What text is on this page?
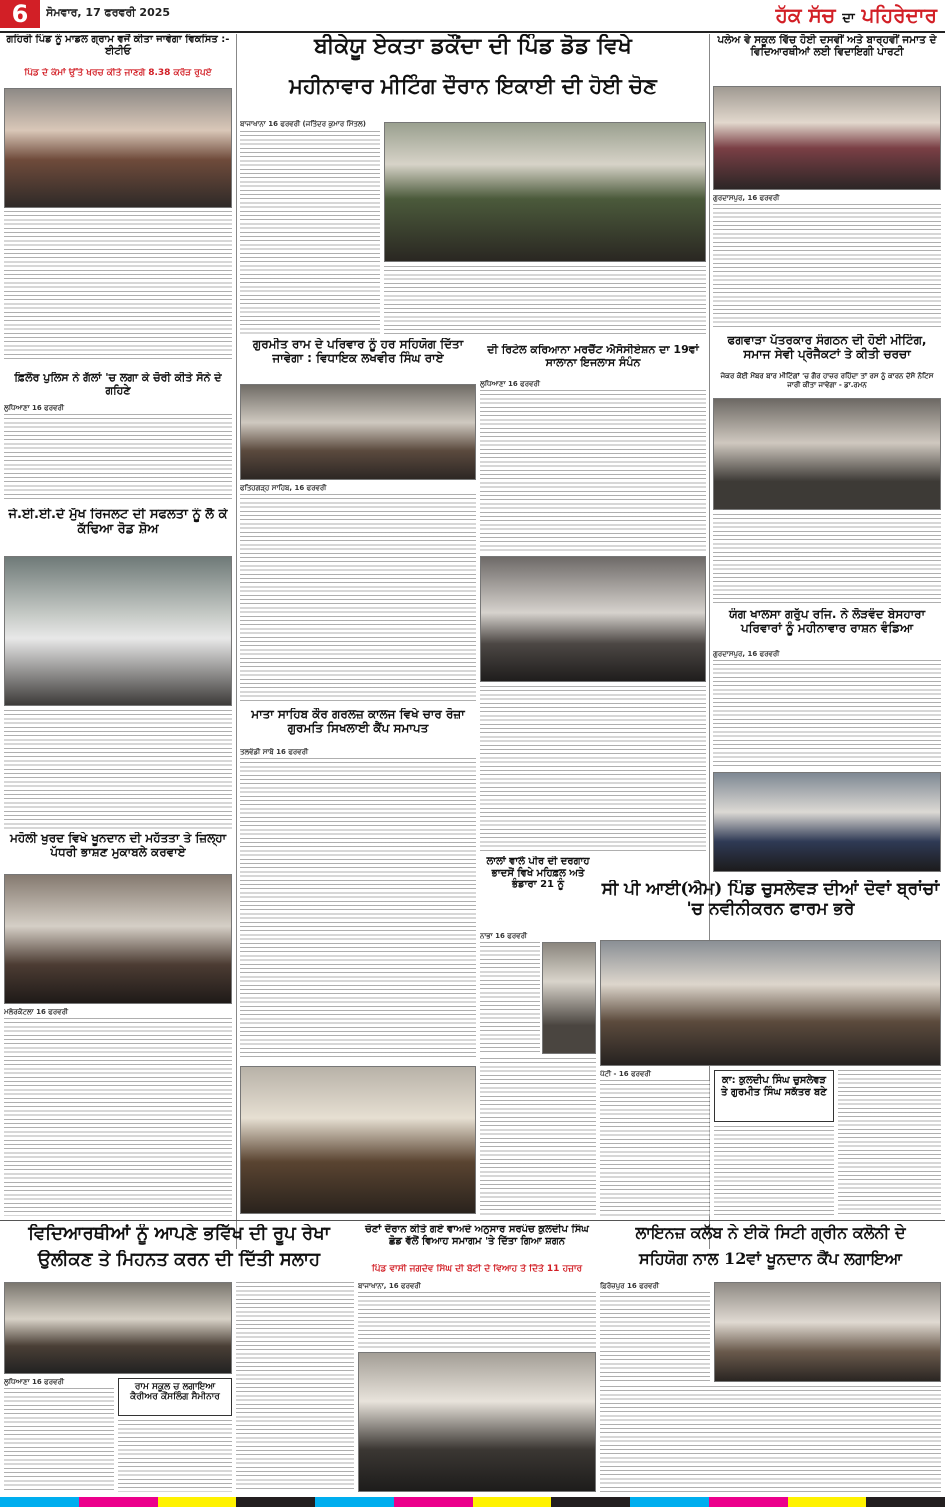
6	ਸੋਮਵਾਰ, 17 ਫਰਵਰੀ 2025	ਹੱਕ ਸੱਚ ਦਾ ਪਹਿਰੇਦਾਰ
ਗਹਿਰੀ ਪਿੰਡ ਨੂੰ ਮਾਡਲ ਗ੍ਰਾਮ ਵਜੋਂ ਕੀਤਾ ਜਾਵੇਗਾ ਵਿਕਸਿਤ :- ਈਟੀਓ
ਪਿੰਡ ਦੇ ਕੰਮਾਂ ਉੱਤੇ ਖਰਚ ਕੀਤੇ ਜਾਣਗੇ 8.38 ਕਰੋੜ ਰੁਪਏ
ਫ਼ਿਲੌਰ ਪੁਲਿਸ ਨੇ ਗੱਲਾਂ 'ਚ ਲਗਾ ਕੇ ਚੋਰੀ ਕੀਤੇ ਸੋਨੇ ਦੇ ਗਹਿਣੇ
ਲੁਧਿਆਣਾ 16 ਫਰਵਰੀ
ਜੇ.ਈ.ਈ.ਦੇ ਮੁੱਖ ਰਿਜਲਟ ਦੀ ਸਫਲਤਾ ਨੂੰ ਲੈ ਕੇ ਕੱਢਿਆ ਰੋਡ ਸ਼ੋਅ
ਮਹੋਲੀ ਖੁਰਦ ਵਿਖੇ ਖੂਨਦਾਨ ਦੀ ਮਹੱਤਤਾ ਤੇ ਜ਼ਿਲ੍ਹਾ ਪੱਧਰੀ ਭਾਸ਼ਣ ਮੁਕਾਬਲੇ ਕਰਵਾਏ
ਮਲੇਰਕੋਟਲਾ 16 ਫਰਵਰੀ
ਬੀਕੇਯੂ ਏਕਤਾ ਡਕੌਂਦਾ ਦੀ ਪਿੰਡ ਡੋਡ ਵਿਖੇ
ਮਹੀਨਾਵਾਰ ਮੀਟਿੰਗ ਦੌਰਾਨ ਇਕਾਈ ਦੀ ਹੋਈ ਚੋਣ
ਬਾਜਾਖਾਨਾ 16 ਫਰਵਰੀ (ਜਤਿੰਦਰ ਕੁਮਾਰ ਮਿੱਤਲ)
ਗੁਰਮੀਤ ਰਾਮ ਦੇ ਪਰਿਵਾਰ ਨੂੰ ਹਰ ਸਹਿਯੋਗ ਦਿੱਤਾ ਜਾਵੇਗਾ : ਵਿਧਾਇਕ ਲਖਵੀਰ ਸਿੰਘ ਰਾਏ
ਫਤਿਹਗੜ੍ਹ ਸਾਹਿਬ, 16 ਫਰਵਰੀ
ਦੀ ਰਿਟੇਲ ਕਰਿਆਨਾ ਮਰਚੈਂਟ ਐਸੋਸੀਏਸ਼ਨ ਦਾ 19ਵਾਂ ਸਾਲਾਨਾ ਇਜਲਾਸ ਸੰਪੰਨ
ਲੁਧਿਆਣਾ 16 ਫਰਵਰੀ
ਮਾਤਾ ਸਾਹਿਬ ਕੌਰ ਗਰਲਜ਼ ਕਾਲਜ ਵਿਖੇ ਚਾਰ ਰੋਜ਼ਾ ਗੁਰਮਤਿ ਸਿਖਲਾਈ ਕੈਂਪ ਸਮਾਪਤ
ਤਲਵੰਡੀ ਸਾਬੋ 16 ਫਰਵਰੀ
ਲਾਲਾਂ ਵਾਲੇ ਪੀਰ ਦੀ ਦਰਗਾਹ ਭਾਦਸੋਂ ਵਿਖੇ ਮਹਿਫ਼ਲ ਅਤੇ ਭੰਡਾਰਾ 21 ਨੂੰ
ਨਾਭਾ 16 ਫਰਵਰੀ
ਪਲੇਅ ਵੇ ਸਕੂਲ ਵਿੱਚ ਹੋਈ ਦਸਵੀਂ ਅਤੇ ਬਾਰ੍ਹਵੀਂ ਜਮਾਤ ਦੇ ਵਿਦਿਆਰਥੀਆਂ ਲਈ ਵਿਦਾਇਗੀ ਪਾਰਟੀ
ਗੁਰਦਾਸਪੁਰ, 16 ਫਰਵਰੀ
ਫਗਵਾੜਾ ਪੱਤਰਕਾਰ ਸੰਗਠਨ ਦੀ ਹੋਈ ਮੀਟਿੰਗ, ਸਮਾਜ ਸੇਵੀ ਪ੍ਰੋਜੈਕਟਾਂ ਤੇ ਕੀਤੀ ਚਰਚਾ
ਜੇਕਰ ਕੋਈ ਮੈਂਬਰ ਬਾਰ ਮੀਟਿੰਗਾਂ 'ਚ ਗੈਰ ਹਾਜ਼ਰ ਰਹਿੰਦਾ ਤਾਂ ਰਸ ਨੂੰ ਕਾਰਨ ਦੱਸੋ ਨੋਟਿਸ ਜਾਰੀ ਕੀਤਾ ਜਾਵੇਗਾ - ਡਾ.ਰਮਨ
ਯੰਗ ਖਾਲਸਾ ਗਰੁੱਪ ਰਜਿ. ਨੇ ਲੋੜਵੰਦ ਬੇਸਹਾਰਾ ਪਰਿਵਾਰਾਂ ਨੂੰ ਮਹੀਨਾਵਾਰ ਰਾਸ਼ਨ ਵੰਡਿਆ
ਗੁਰਦਾਸਪੁਰ, 16 ਫਰਵਰੀ
ਸੀ ਪੀ ਆਈ(ਐਮ) ਪਿੰਡ ਚੁਸਲੇਵੜ ਦੀਆਂ ਦੋਵਾਂ ਬ੍ਰਾਂਚਾਂ 'ਚ ਨਵੀਨੀਕਰਨ ਫਾਰਮ ਭਰੇ
ਪੱਟੀ - 16 ਫਰਵਰੀ
ਕਾ: ਕੁਲਦੀਪ ਸਿੰਘ ਚੁਸਲੇਵੜ ਤੇ ਗੁਰਮੀਤ ਸਿੰਘ ਸਕੱਤਰ ਬਣੇ
ਵਿਦਿਆਰਥੀਆਂ ਨੂੰ ਆਪਣੇ ਭਵਿੱਖ ਦੀ ਰੂਪ ਰੇਖਾ
ਉਲੀਕਣ ਤੇ ਮਿਹਨਤ ਕਰਨ ਦੀ ਦਿੱਤੀ ਸਲਾਹ
ਲੁਧਿਆਣਾ 16 ਫਰਵਰੀ	ਰਾਮ ਸਕੂਲ ਚ ਲਗਾਇਆ ਕੈਰੀਅਰ ਕੌਂਸਲਿੰਗ ਸੈਮੀਨਾਰ
ਚੋਣਾਂ ਦੌਰਾਨ ਕੀਤੇ ਗਏ ਵਾਅਦੇ ਅਨੁਸਾਰ ਸਰਪੰਚ ਕੁਲਦੀਪ ਸਿੰਘ ਛੋਡ ਵੱਲੋਂ ਵਿਆਹ ਸਮਾਗਮ 'ਤੇ ਦਿੱਤਾ ਗਿਆ ਸ਼ਗਨ
ਪਿੰਡ ਵਾਸੀ ਜਗਦੇਵ ਸਿੰਘ ਦੀ ਬੇਟੀ ਦੇ ਵਿਆਹ ਤੇ ਦਿੱਤੇ 11 ਹਜ਼ਾਰ
ਬਾਜਾਖਾਨਾ, 16 ਫਰਵਰੀ
ਲਾਇਨਜ਼ ਕਲੱਬ ਨੇ ਈਕੋ ਸਿਟੀ ਗ੍ਰੀਨ ਕਲੋਨੀ ਦੇ
ਸਹਿਯੋਗ ਨਾਲ 12ਵਾਂ ਖੂਨਦਾਨ ਕੈਂਪ ਲਗਾਇਆ
ਫ਼ਿਰੋਜ਼ਪੁਰ 16 ਫਰਵਰੀ
